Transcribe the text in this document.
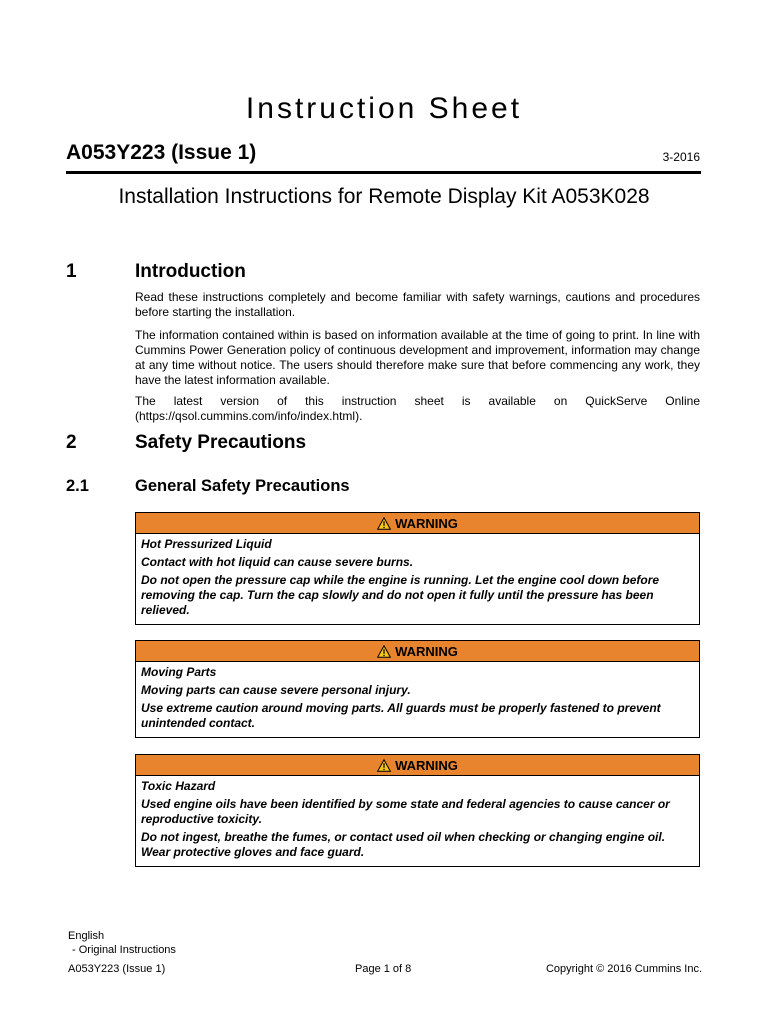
Instruction Sheet
A053Y223 (Issue 1)	3-2016
Installation Instructions for Remote Display Kit A053K028
1	Introduction

Read these instructions completely and become familiar with safety warnings, cautions and procedures before starting the installation.

The information contained within is based on information available at the time of going to print. In line with Cummins Power Generation policy of continuous development and improvement, information may change at any time without notice. The users should therefore make sure that before commencing any work, they have the latest information available.

The latest version of this instruction sheet is available on QuickServe Online

(https://qsol.cummins.com/info/index.html).

2	Safety Precautions
2.1	General Safety Precautions
WARNING

Hot Pressurized Liquid

Contact with hot liquid can cause severe burns.

Do not open the pressure cap while the engine is running. Let the engine cool down before removing the cap. Turn the cap slowly and do not open it fully until the pressure has been relieved.

WARNING

Moving Parts

Moving parts can cause severe personal injury.

Use extreme caution around moving parts. All guards must be properly fastened to prevent unintended contact.

WARNING

Toxic Hazard

Used engine oils have been identified by some state and federal agencies to cause cancer or reproductive toxicity.

Do not ingest, breathe the fumes, or contact used oil when checking or changing engine oil. Wear protective gloves and face guard.

English
- Original Instructions
A053Y223 (Issue 1)	Page 1 of 8	Copyright © 2016 Cummins Inc.
